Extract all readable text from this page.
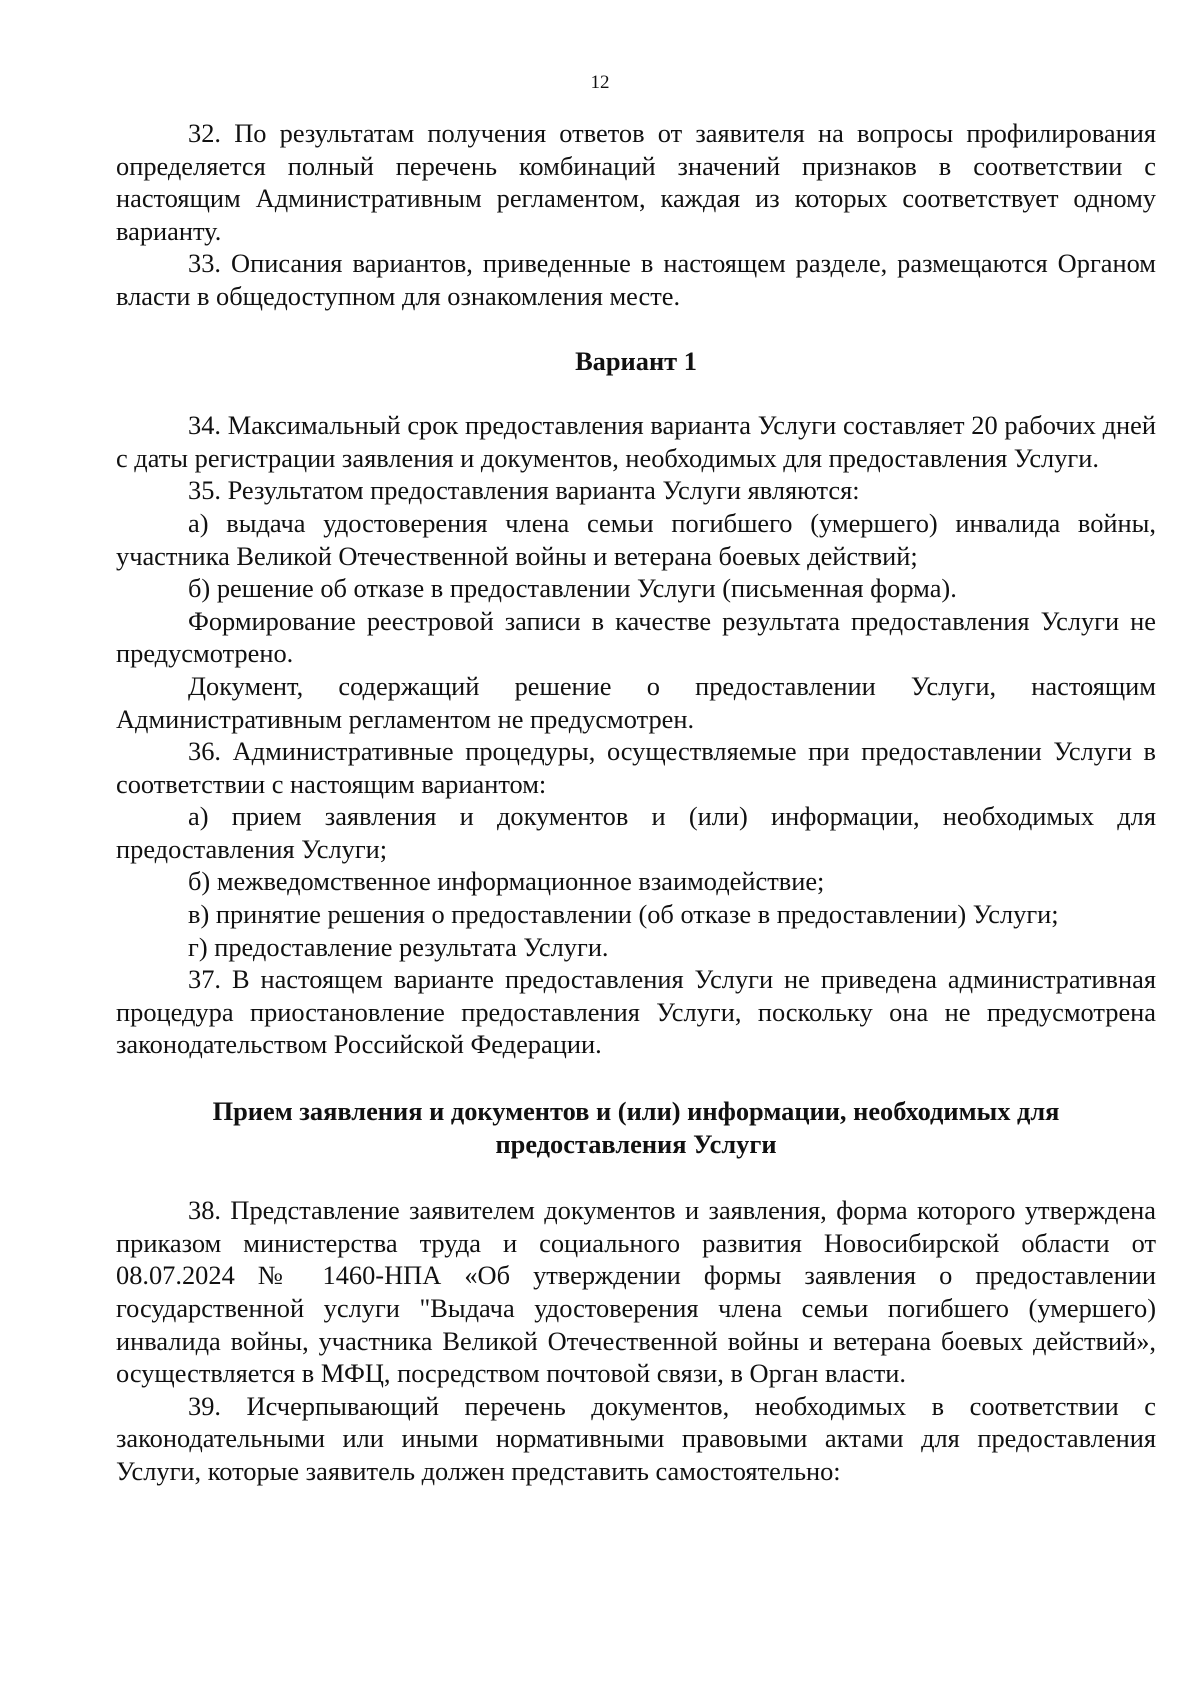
12

32. По результатам получения ответов от заявителя на вопросы профилирования определяется полный перечень комбинаций значений признаков в соответствии с настоящим Административным регламентом, каждая из которых соответствует одному варианту.

33. Описания вариантов, приведенные в настоящем разделе, размещаются Органом власти в общедоступном для ознакомления месте.

Вариант 1

34. Максимальный срок предоставления варианта Услуги составляет 20 рабочих дней с даты регистрации заявления и документов, необходимых для предоставления Услуги.

35. Результатом предоставления варианта Услуги являются:

а) выдача удостоверения члена семьи погибшего (умершего) инвалида войны, участника Великой Отечественной войны и ветерана боевых действий;

б) решение об отказе в предоставлении Услуги (письменная форма).

Формирование реестровой записи в качестве результата предоставления Услуги не предусмотрено.

Документ, содержащий решение о предоставлении Услуги, настоящим Административным регламентом не предусмотрен.

36. Административные процедуры, осуществляемые при предоставлении Услуги в соответствии с настоящим вариантом:

а) прием заявления и документов и (или) информации, необходимых для предоставления Услуги;

б) межведомственное информационное взаимодействие;

в) принятие решения о предоставлении (об отказе в предоставлении) Услуги;

г) предоставление результата Услуги.

37. В настоящем варианте предоставления Услуги не приведена административная процедура приостановление предоставления Услуги, поскольку она не предусмотрена законодательством Российской Федерации.

Прием заявления и документов и (или) информации, необходимых для предоставления Услуги

38. Представление заявителем документов и заявления, форма которого утверждена приказом министерства труда и социального развития Новосибирской области от 08.07.2024 № 1460-НПА «Об утверждении формы заявления о предоставлении государственной услуги "Выдача удостоверения члена семьи погибшего (умершего) инвалида войны, участника Великой Отечественной войны и ветерана боевых действий», осуществляется в МФЦ, посредством почтовой связи, в Орган власти.

39. Исчерпывающий перечень документов, необходимых в соответствии с законодательными или иными нормативными правовыми актами для предоставления Услуги, которые заявитель должен представить самостоятельно:
